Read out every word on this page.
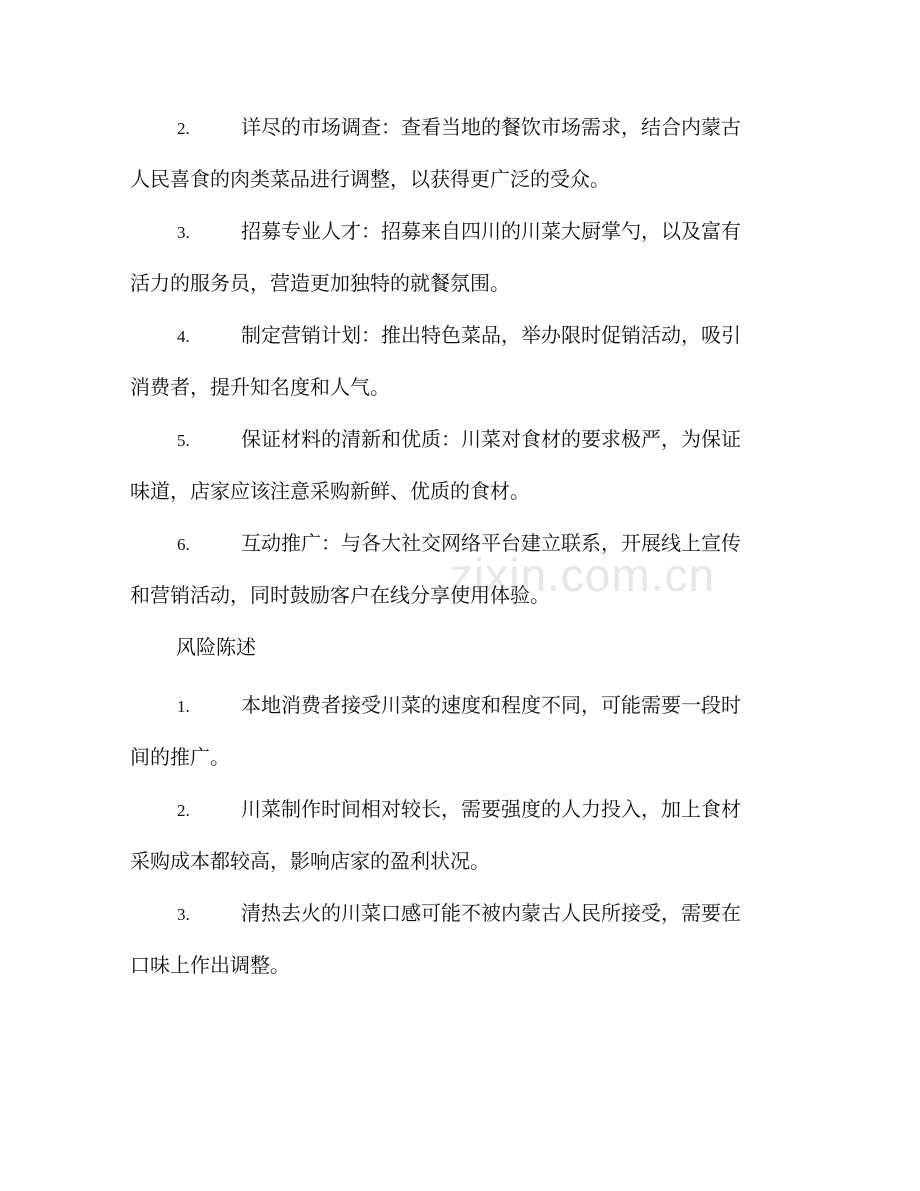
zixin.com.cn
2.	详尽的市场调查：查看当地的餐饮市场需求，结合内蒙古
人民喜食的肉类菜品进行调整，以获得更广泛的受众。
3.	招募专业人才：招募来自四川的川菜大厨掌勺，以及富有
活力的服务员，营造更加独特的就餐氛围。
4.	制定营销计划：推出特色菜品，举办限时促销活动，吸引
消费者，提升知名度和人气。
5.	保证材料的清新和优质：川菜对食材的要求极严，为保证
味道，店家应该注意采购新鲜、优质的食材。
6.	互动推广：与各大社交网络平台建立联系，开展线上宣传
和营销活动，同时鼓励客户在线分享使用体验。
风险陈述
1.	本地消费者接受川菜的速度和程度不同，可能需要一段时
间的推广。
2.	川菜制作时间相对较长，需要强度的人力投入，加上食材
采购成本都较高，影响店家的盈利状况。
3.	清热去火的川菜口感可能不被内蒙古人民所接受，需要在
口味上作出调整。
